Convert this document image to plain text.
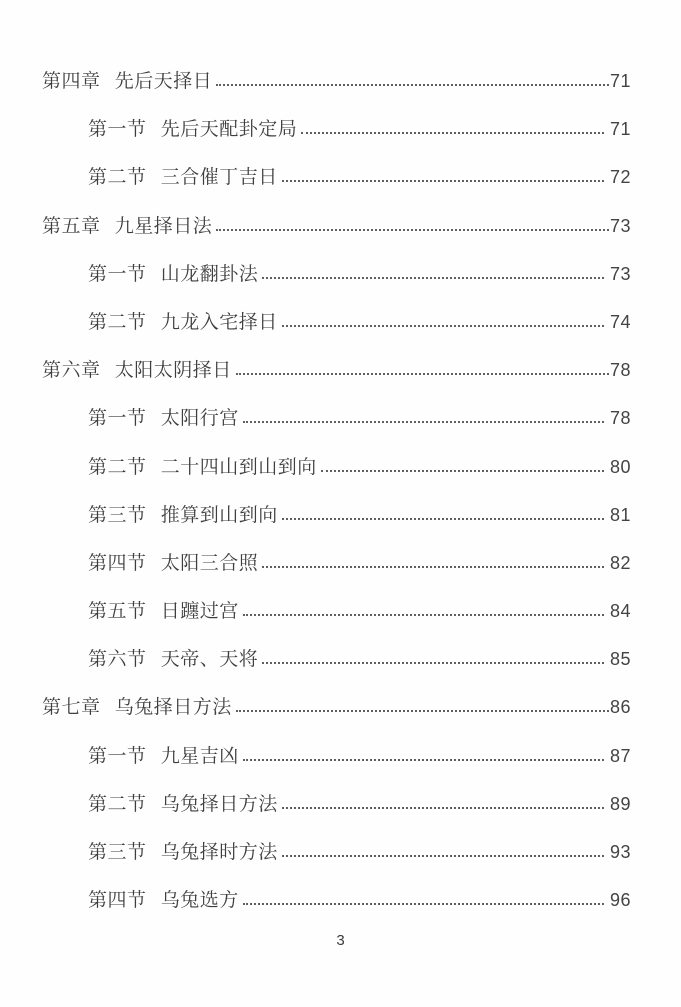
第四章 先后天择日	71
第一节 先后天配卦定局	71
第二节 三合催丁吉日	72
第五章 九星择日法	73
第一节 山龙翻卦法	73
第二节 九龙入宅择日	74
第六章 太阳太阴择日	78
第一节 太阳行宫	78
第二节 二十四山到山到向	80
第三节 推算到山到向	81
第四节 太阳三合照	82
第五节 日躔过宫	84
第六节 天帝、天将	85
第七章 乌兔择日方法	86
第一节 九星吉凶	87
第二节 乌兔择日方法	89
第三节 乌兔择时方法	93
第四节 乌兔选方	96
3
